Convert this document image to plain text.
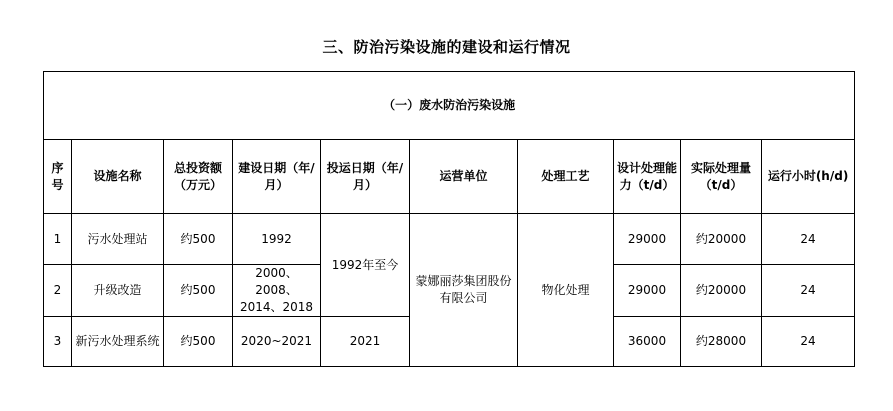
三、防治污染设施的建设和运行情况
（一）废水防治污染设施									
序号	设施名称	总投资额（万元）	建设日期（年/月）	投运日期（年/月）	运营单位	处理工艺	设计处理能力（t/d）	实际处理量（t/d）	运行小时(h/d)
1	污水处理站	约500	1992	1992年至今	蒙娜丽莎集团股份有限公司	物化处理	29000	约20000	24
2	升级改造	约500	2000、2008、2014、2018				29000	约20000	24
3	新污水处理系统	约500	2020~2021	2021			36000	约28000	24
